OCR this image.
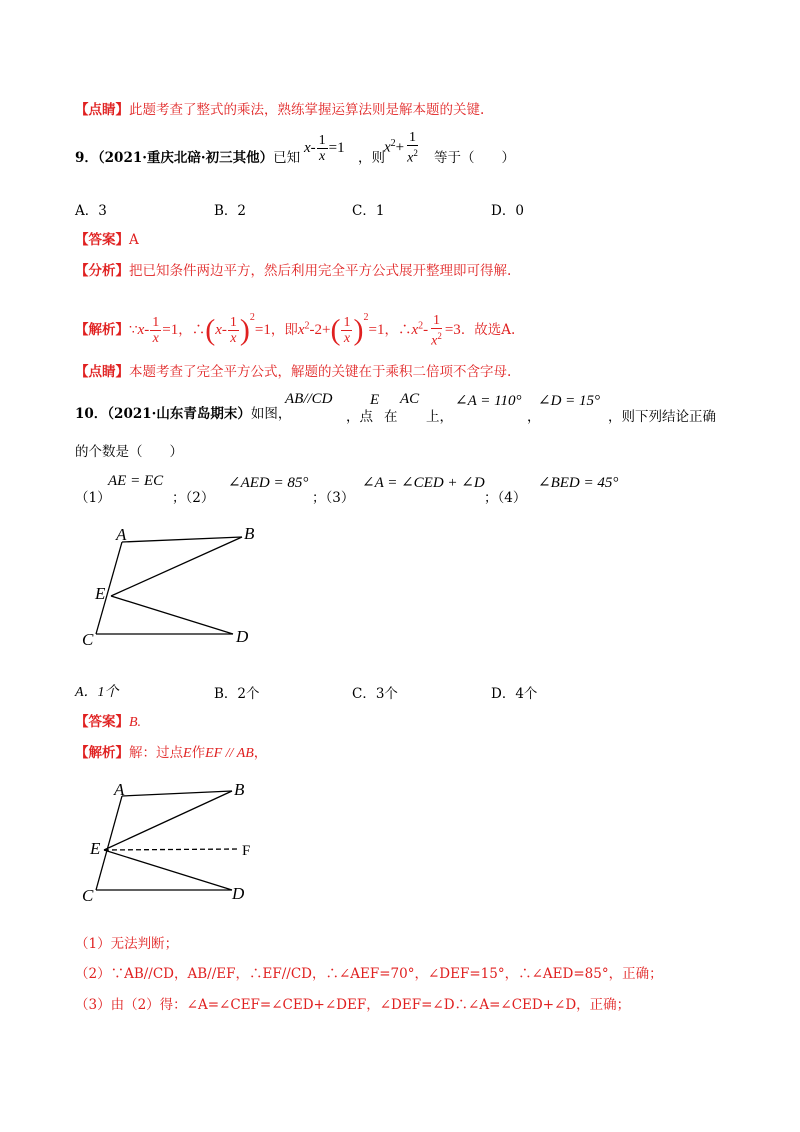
【点睛】此题考查了整式的乘法，熟练掌握运算法则是解本题的关键.
9．（2021·重庆北碚·初三其他）已知
$x- \frac{1}{x} =1$
，则
$x^2+ \frac{1}{x^2}$ 等于（　　）
A．3	B．2	C．1	D．0
【答案】A
【分析】把已知条件两边平方，然后利用完全平方公式展开整理即可得解.
【解析】∵x- $\frac{1}{x} =1$，∴(x- $\frac{1}{x} )^2=1$，即$x^2-2+( \frac{1}{x} )^2=1$，$\therefore x^2- \frac{1}{x^2} =3$．故选A.
【点睛】本题考查了完全平方公式，解题的关键在于乘积二倍项不含字母.
10．（2021·山东青岛期末）如图，
AB//CD
，点
E
在
AC
上，
∠A = 110°
，
∠D = 15°
，则下列结论正确
的个数是（　　）
（1）
AE = EC
；（2）
∠AED = 85°
；（3）
∠A = ∠CED + ∠D
；（4）
∠BED = 45°
A	B
E
C	D
A．1个	B．2个	C．3个	D．4个
【答案】B.
【解析】解：过点E作EF // AB，
A	B
E	F
C	D
（1）无法判断；
（2）∵AB//CD，AB//EF，∴EF//CD，∴∠AEF=70°，∠DEF=15°，∴∠AED=85°，正确；
（3）由（2）得：∠A=∠CEF=∠CED+∠DEF，∠DEF=∠D∴∠A=∠CED+∠D，正确；
